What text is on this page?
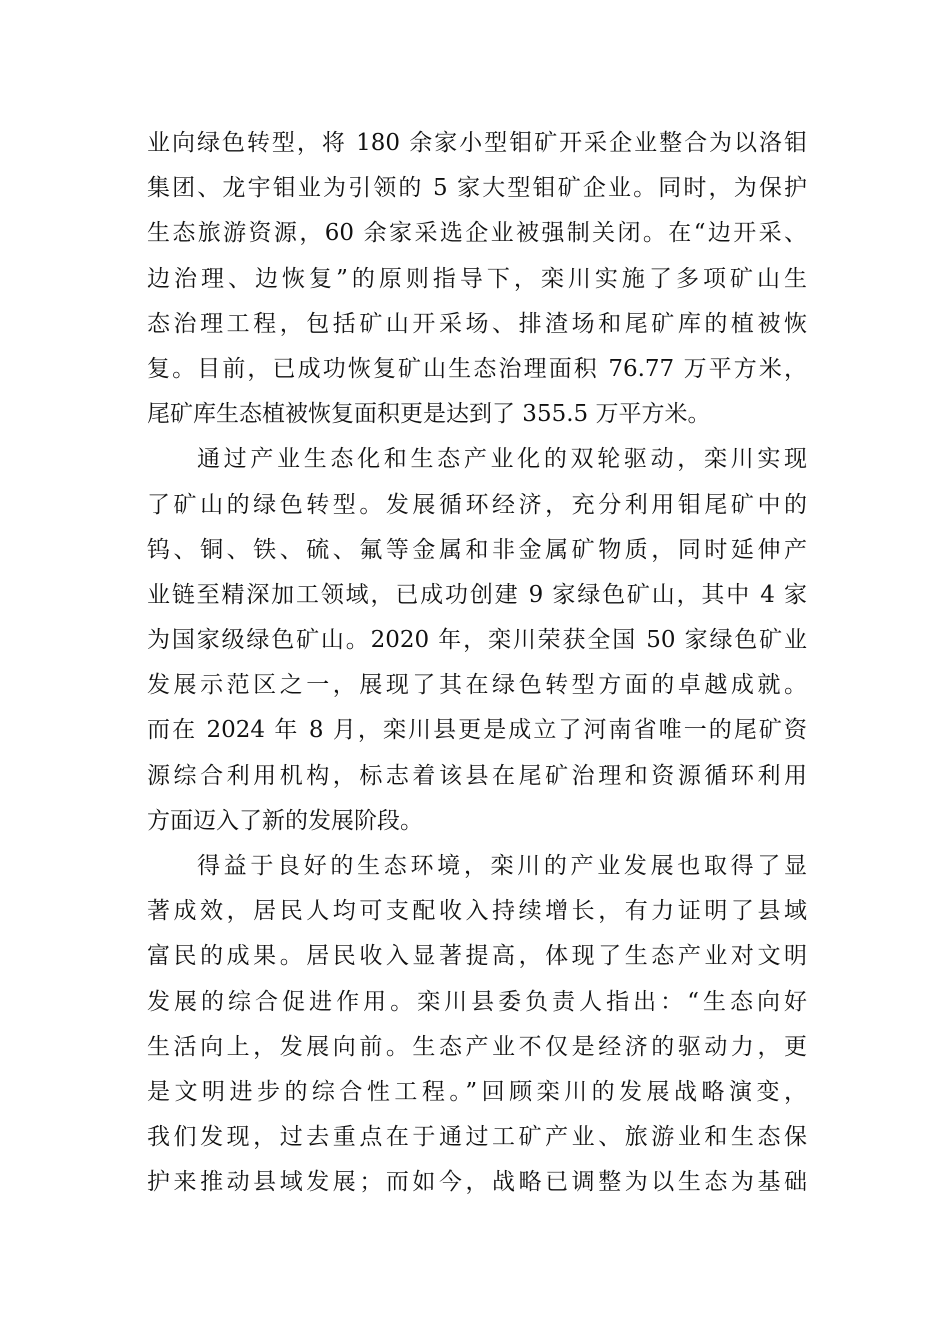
业向绿色转型，将 180 余家小型钼矿开采企业整合为以洛钼
集团、龙宇钼业为引领的 5 家大型钼矿企业。同时，为保护
生态旅游资源，60 余家采选企业被强制关闭。在“边开采、
边治理、边恢复”的原则指导下，栾川实施了多项矿山生
态治理工程，包括矿山开采场、排渣场和尾矿库的植被恢
复。目前，已成功恢复矿山生态治理面积 76.77 万平方米，
尾矿库生态植被恢复面积更是达到了 355.5 万平方米。
通过产业生态化和生态产业化的双轮驱动，栾川实现
了矿山的绿色转型。发展循环经济，充分利用钼尾矿中的
钨、铜、铁、硫、氟等金属和非金属矿物质，同时延伸产
业链至精深加工领域，已成功创建 9 家绿色矿山，其中 4 家
为国家级绿色矿山。2020 年，栾川荣获全国 50 家绿色矿业
发展示范区之一，展现了其在绿色转型方面的卓越成就。
而在 2024 年 8 月，栾川县更是成立了河南省唯一的尾矿资
源综合利用机构，标志着该县在尾矿治理和资源循环利用
方面迈入了新的发展阶段。
得益于良好的生态环境，栾川的产业发展也取得了显
著成效，居民人均可支配收入持续增长，有力证明了县域
富民的成果。居民收入显著提高，体现了生态产业对文明
发展的综合促进作用。栾川县委负责人指出：“生态向好
生活向上，发展向前。生态产业不仅是经济的驱动力，更
是文明进步的综合性工程。”回顾栾川的发展战略演变，
我们发现，过去重点在于通过工矿产业、旅游业和生态保
护来推动县域发展；而如今，战略已调整为以生态为基础
